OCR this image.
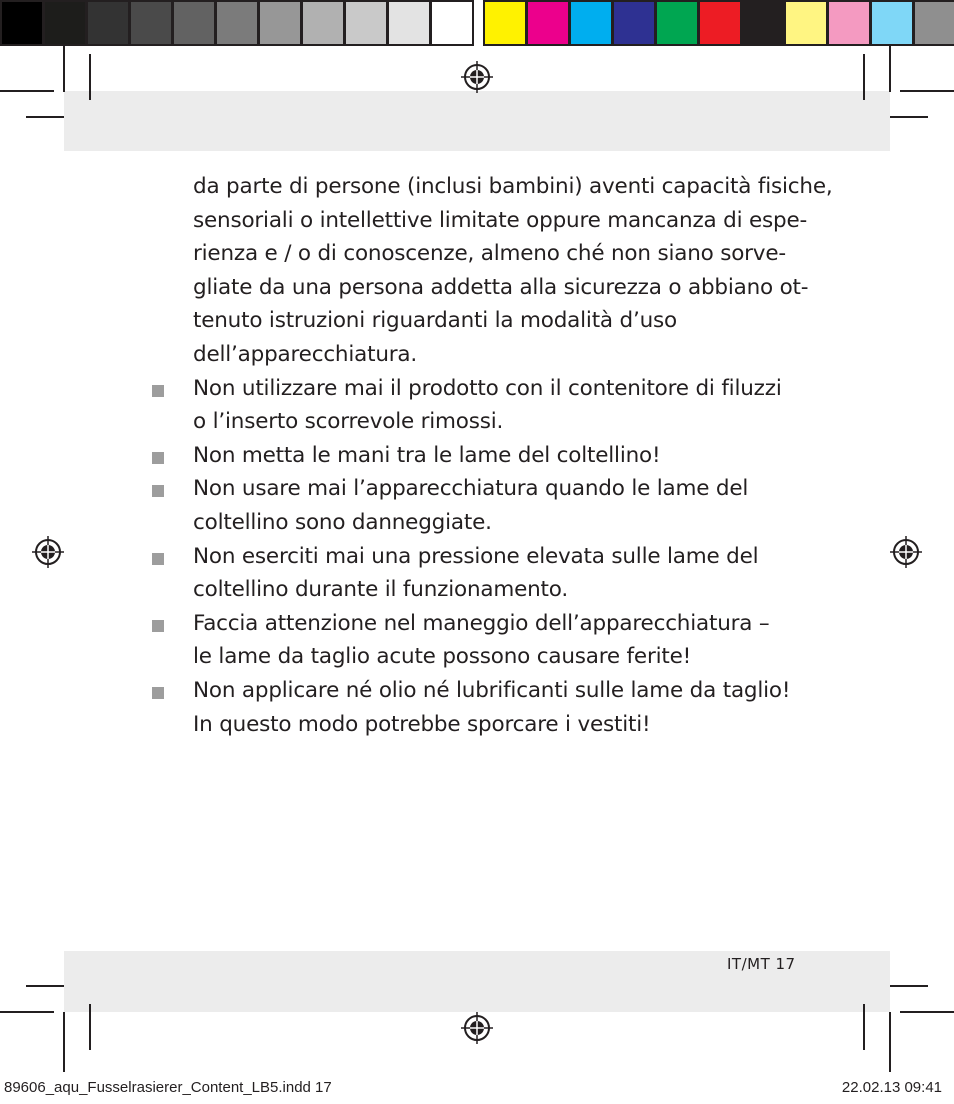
da parte di persone (inclusi bambini) aventi capacità fisiche,
sensoriali o intellettive limitate oppure mancanza di espe-
rienza e / o di conoscenze, almeno ché non siano sorve-
gliate da una persona addetta alla sicurezza o abbiano ot-
tenuto istruzioni riguardanti la modalità d’uso
dell’apparecchiatura.

Non utilizzare mai il prodotto con il contenitore di filuzzi
o l’inserto scorrevole rimossi.
Non metta le mani tra le lame del coltellino!
Non usare mai l’apparecchiatura quando le lame del
coltellino sono danneggiate.
Non eserciti mai una pressione elevata sulle lame del
coltellino durante il funzionamento.
Faccia attenzione nel maneggio dell’apparecchiatura –
le lame da taglio acute possono causare ferite!
Non applicare né olio né lubrificanti sulle lame da taglio!
In questo modo potrebbe sporcare i vestiti!
IT/MT 17
89606_aqu_Fusselrasierer_Content_LB5.indd 17	22.02.13 09:41
